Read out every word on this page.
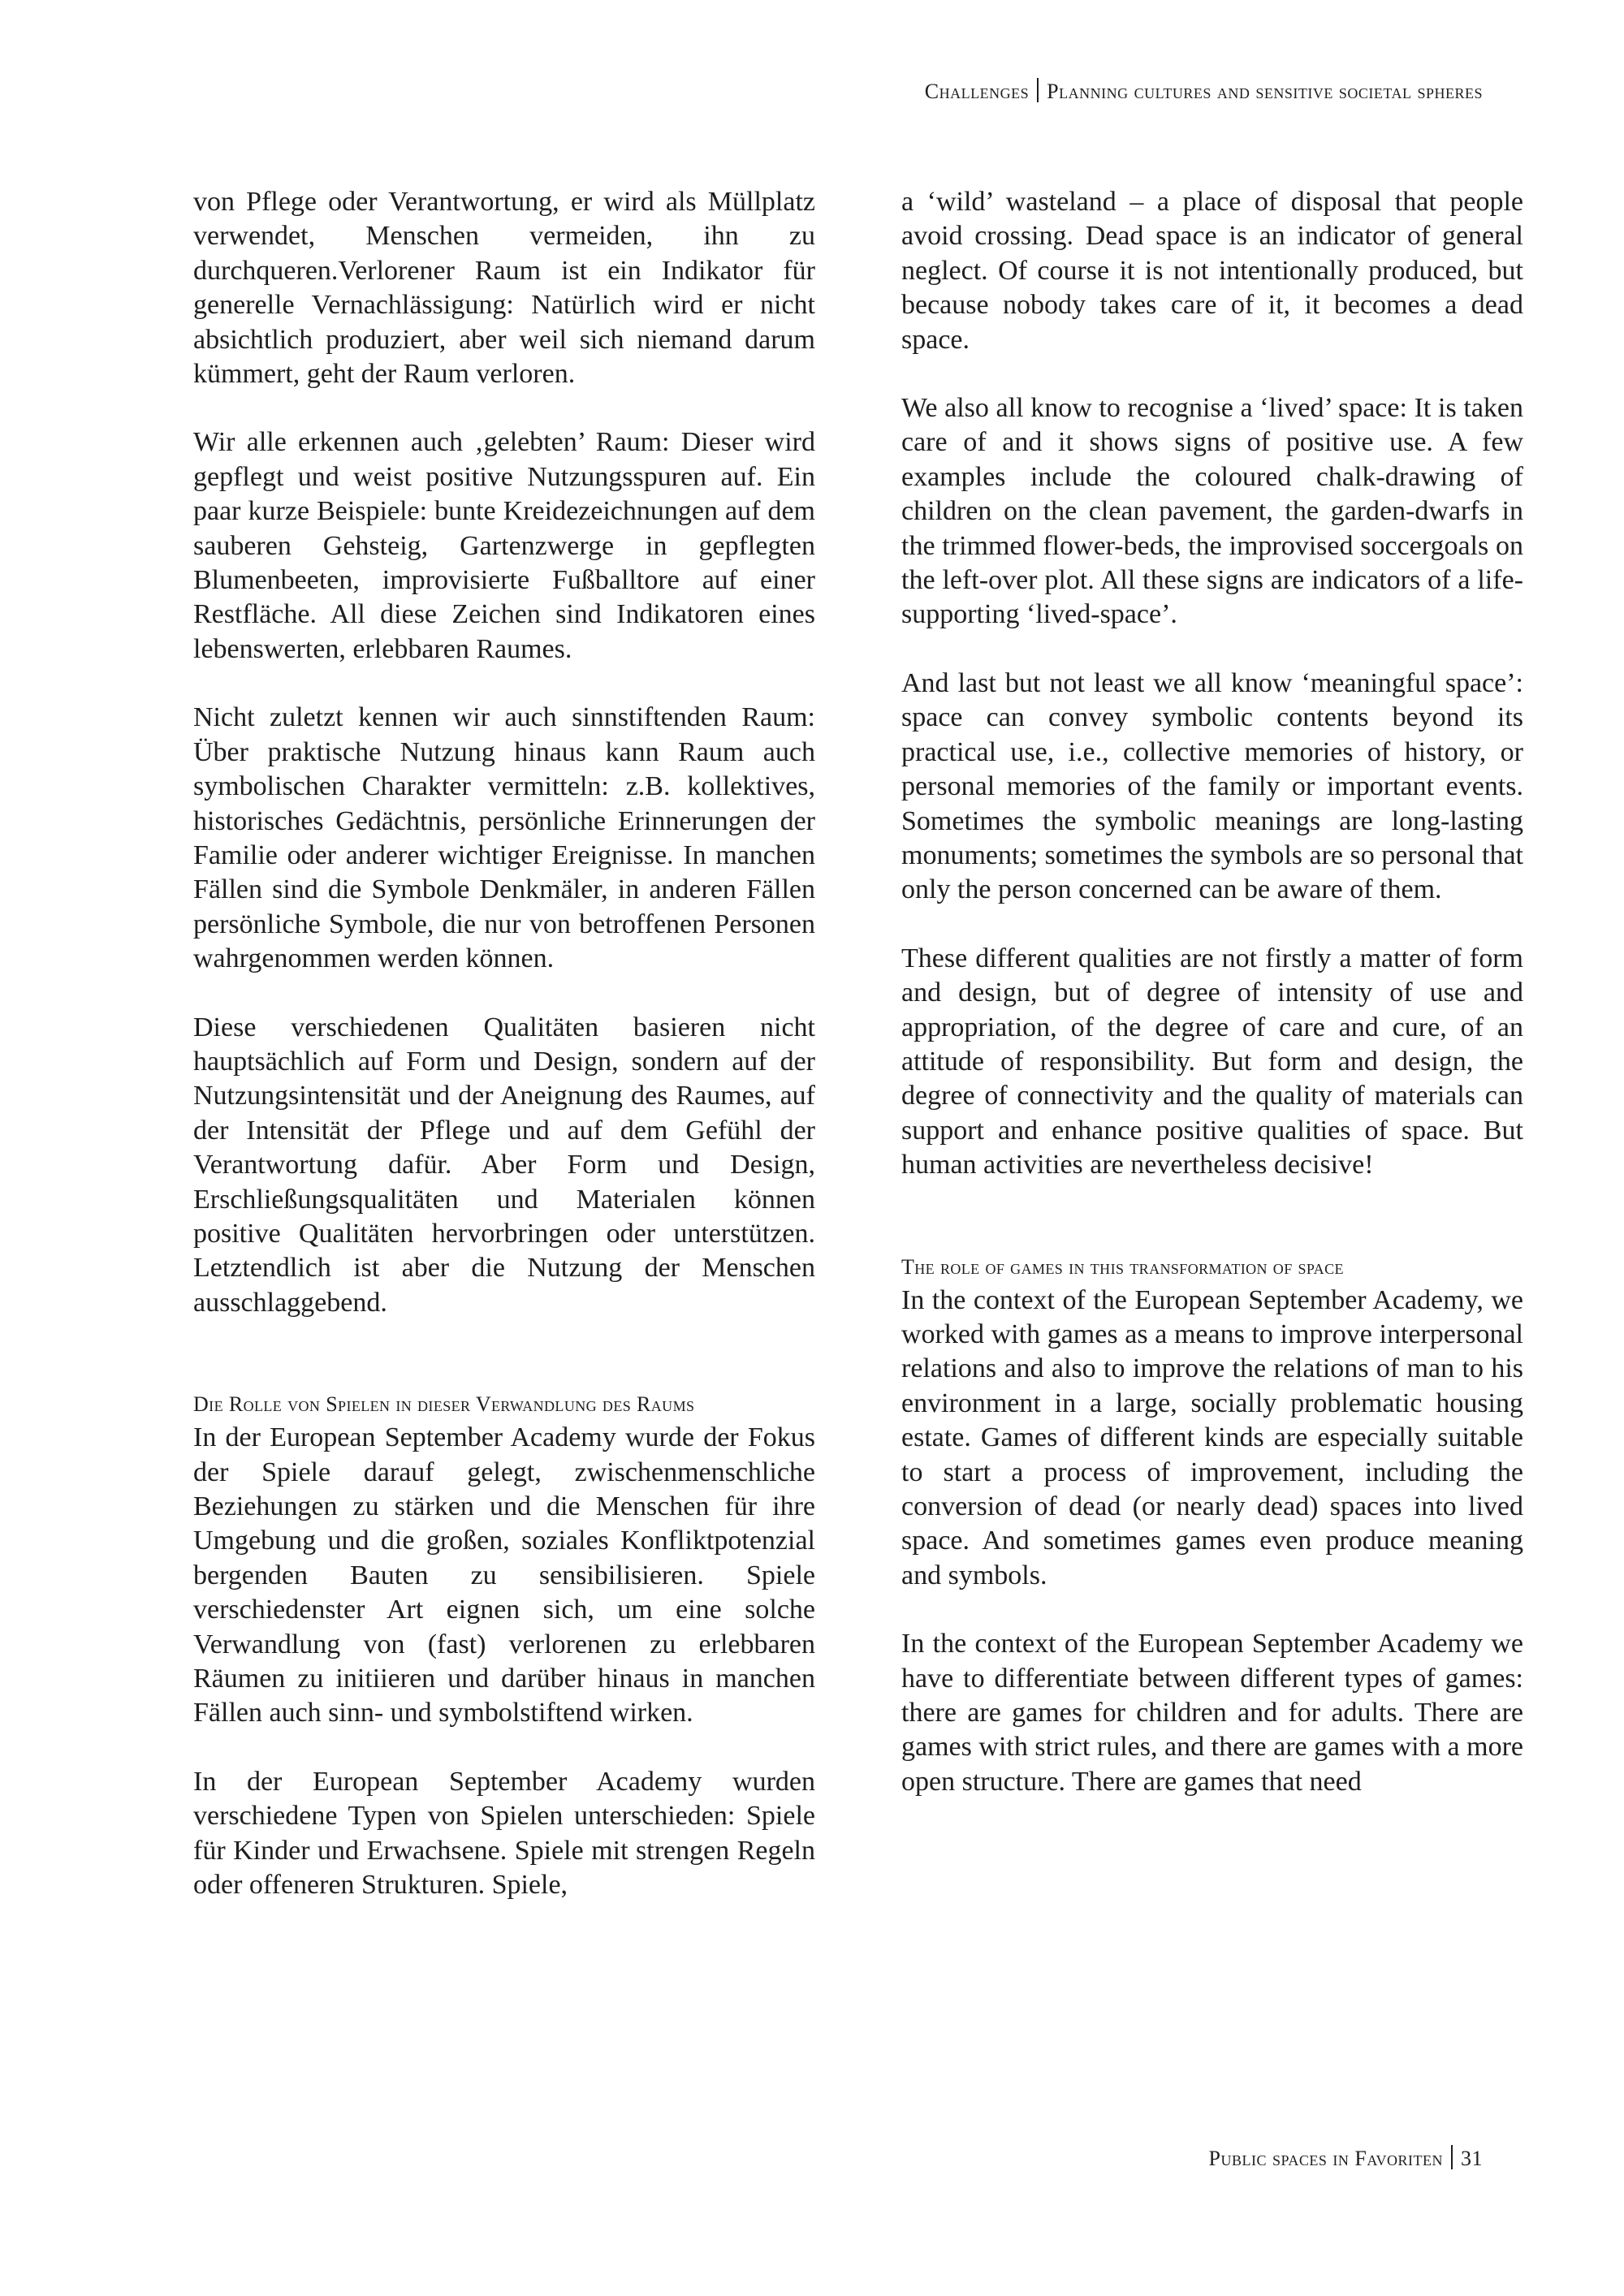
Challenges Planning cultures and sensitive societal spheres

von Pflege oder Verantwortung, er wird als Müllplatz verwendet, Menschen vermeiden, ihn zu durchqueren.Verlorener Raum ist ein Indikator für generelle Vernachlässigung: Natürlich wird er nicht absichtlich produziert, aber weil sich niemand darum kümmert, geht der Raum verloren.

Wir alle erkennen auch ‚gelebten’ Raum: Dieser wird gepflegt und weist positive Nutzungsspuren auf. Ein paar kurze Beispiele: bunte Kreidezeichnungen auf dem sauberen Gehsteig, Gartenzwerge in gepflegten Blumenbeeten, improvisierte Fußballtore auf einer Restfläche. All diese Zeichen sind Indikatoren eines lebenswerten, erlebbaren Raumes.

Nicht zuletzt kennen wir auch sinnstiftenden Raum: Über praktische Nutzung hinaus kann Raum auch symbolischen Charakter vermitteln: z.B. kollektives, historisches Gedächtnis, persönliche Erinnerungen der Familie oder anderer wichtiger Ereignisse. In manchen Fällen sind die Symbole Denkmäler, in anderen Fällen persönliche Symbole, die nur von betroffenen Personen wahrgenommen werden können.

Diese verschiedenen Qualitäten basieren nicht hauptsächlich auf Form und Design, sondern auf der Nutzungsintensität und der Aneignung des Raumes, auf der Intensität der Pflege und auf dem Gefühl der Verantwortung dafür. Aber Form und Design, Erschließungsqualitäten und Materialen können positive Qualitäten hervorbringen oder unterstützen. Letztendlich ist aber die Nutzung der Menschen ausschlaggebend.

Die Rolle von Spielen in dieser Verwandlung des Raums

In der European September Academy wurde der Fokus der Spiele darauf gelegt, zwischenmenschliche Beziehungen zu stärken und die Menschen für ihre Umgebung und die großen, soziales Konfliktpotenzial bergenden Bauten zu sensibilisieren. Spiele verschiedenster Art eignen sich, um eine solche Verwandlung von (fast) verlorenen zu erlebbaren Räumen zu initiieren und darüber hinaus in manchen Fällen auch sinn- und symbolstiftend wirken.

In der European September Academy wurden verschiedene Typen von Spielen unterschieden: Spiele für Kinder und Erwachsene. Spiele mit strengen Regeln oder offeneren Strukturen. Spiele,

a ‘wild’ wasteland – a place of disposal that people avoid crossing. Dead space is an indicator of general neglect. Of course it is not intentionally produced, but because nobody takes care of it, it becomes a dead space.

We also all know to recognise a ‘lived’ space: It is taken care of and it shows signs of positive use. A few examples include the coloured chalk-drawing of children on the clean pavement, the garden-dwarfs in the trimmed flower-beds, the improvised soccergoals on the left-over plot. All these signs are indicators of a life-supporting ‘lived-space’.

And last but not least we all know ‘meaningful space’: space can convey symbolic contents beyond its practical use, i.e., collective memories of history, or personal memories of the family or important events. Sometimes the symbolic meanings are long-lasting monuments; sometimes the symbols are so personal that only the person concerned can be aware of them.

These different qualities are not firstly a matter of form and design, but of degree of intensity of use and appropriation, of the degree of care and cure, of an attitude of responsibility. But form and design, the degree of connectivity and the quality of materials can support and enhance positive qualities of space. But human activities are nevertheless decisive!

The role of games in this transformation of space

In the context of the European September Academy, we worked with games as a means to improve interpersonal relations and also to improve the relations of man to his environment in a large, socially problematic housing estate. Games of different kinds are especially suitable to start a process of improvement, including the conversion of dead (or nearly dead) spaces into lived space. And sometimes games even produce meaning and symbols.

In the context of the European September Academy we have to differentiate between different types of games: there are games for children and for adults. There are games with strict rules, and there are games with a more open structure. There are games that need

Public spaces in Favoriten 31
